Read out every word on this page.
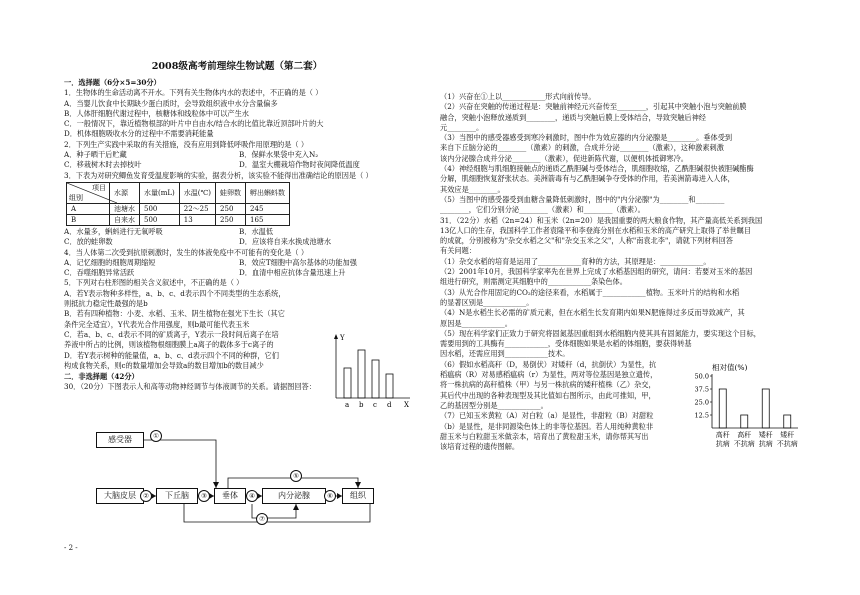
2008级高考前理综生物试题（第二套）

一．选择题（6分×5=30分）

1．生物体的生命活动离不开水。下列有关生物体内水的表述中，不正确的是（ ）

A．当婴儿饮食中长期缺少蛋白质时，会导致组织液中水分含量偏多

B．人体肝细胞代谢过程中，核糖体和线粒体中可以产生水

C．一般情况下，靠近植物根部的叶片中自由水/结合水的比值比靠近顶部叶片的大

D．机体细胞吸收水分的过程中不需要消耗能量

2．下列生产实践中采取的有关措施，没有应用到降低呼吸作用原理的是（ ）

A．种子晒干后贮藏	B．保鲜水果袋中充入N₂
C．移栽树木时去掉枝叶	D．温室大棚栽培作物时夜间降低温度

3．下表为对研究鲫鱼发育受温度影响的实验，据表分析，该实验不能得出准确结论的原因是（ ）

项目
组别	水源	水量(mL)	水温(℃)	蛙卵数	孵出蝌蚪数
A	池塘水	500	22～25	250	245
B	自来水	500	13	250	165
A．水量多，蝌蚪进行无氧呼吸	B．水温低
C．放的蛙卵数	D．应该将自来水换成池塘水

4．当人体第二次受到抗原刺激时，发生的体液免疫中不可能有的变化是（ ）

A．记忆细胞的细胞周期缩短	B．效应T细胞中高尔基体的功能加强
C．吞噬细胞异常活跃	D．血清中相应抗体含量迅速上升

5．下列对右柱形图的相关含义叙述中，不正确的是（ ）

A．若Y表示物种多样性，a、b、c、d表示四个不同类型的生态系统，

则抵抗力稳定性最强的是b

B．若有四种植物：小麦、水稻、玉米、阴生植物在强光下生长（其它

条件完全适宜），Y代表光合作用强度，则b最可能代表玉米

C．若a、b、c、d表示不同的矿质离子，Y表示一段时间后离子在培

养液中所占的比例，则该植物根细胞膜上a离子的载体多于c离子的

D．若Y表示树种的能量值，a、b、c、d表示四个不同的种群，它们

构成食物关系，则c的数量增加会导致a的数目增加b的数目减少

二．非选择题（42分）

30．（20分）下图表示人和高等动物神经调节与体液调节的关系。请据图回答：

Y
a b c d X
感受器
大脑皮层	下丘脑	垂体	内分泌腺	组织
①
②	③	④
⑤
⑥
⑦
- 2 -

（1）兴奋在①上以____________形式向前传导。

（2）兴奋在突触的传递过程是：突触前神经元兴奋传至________，引起其中突触小泡与突触前膜

融合，突触小泡释放递质到________，递质与突触后膜上受体结合，导致突触后神经

元________。

（3）当图中的感受器感受到寒冷刺激时，图中作为效应器的内分泌腺是________。垂体受到

来自下丘脑分泌的________（激素）的刺激，合成并分泌________（激素），这种激素刺激

该内分泌腺合成并分泌________（激素），促进新陈代谢，以便机体抵御寒冷。

（4）神经细胞与肌细胞接触点的递质乙酰胆碱与受体结合，肌细胞收缩，乙酰胆碱很快被胆碱酯酶

分解，肌细胞恢复舒张状态。美洲箭毒有与乙酰胆碱争夺受体的作用，若美洲箭毒进入人体，

其效应是________。

（5）当图中的感受器受到血糖含量降低刺激时，图中的"内分泌腺"为________和________

________，它们分别分泌________（激素）和________（激素）。

31．（22分）水稻（2n=24）和玉米（2n=20）是我国重要的两大粮食作物，其产量高低关系到我国

13亿人口的生存，我国科学工作者袁隆平和李登海分别在水稻和玉米的高产研究上取得了举世瞩目

的成就，分别被称为"杂交水稻之父"和"杂交玉米之父"，人称"南袁北李"，请就下列材料回答

有关问题：

（1）杂交水稻的培育是运用了____________育种的方法，其原理是：____________。

（2）2001年10月，我国科学家率先在世界上完成了水稻基因组的研究，请问：若要对玉米的基因

组进行研究，则需测定其细胞中的____________条染色体。

（3）从光合作用固定的CO₂的途径来看，水稻属于____________植物。玉米叶片的结构和水稻

的显著区别是____________。

（4）N是水稻生长必需的矿质元素，但在水稻生长发育期内如果N肥施得过多反而导致减产，其

原因是____________。

（5）现在科学家们正致力于研究将固氮基因重组到水稻细胞内使其具有固氮能力，要实现这个目标，

需要用到的工具酶有____________，受体细胞如果是水稻的体细胞，要获得转基

因水稻，还需应用到____________技术。

（6）假如水稻高秆（D，易倒伏）对矮秆（d，抗倒伏）为显性，抗

稻瘟病（R）对易感稻瘟病（r）为显性，两对等位基因是独立遗传，

将一株抗病的高秆植株（甲）与另一株抗病的矮秆植株（乙）杂交，

其后代中出现的各种表现型及其比值如右图所示，由此可推知，甲，

乙的基因型分别是____________。

（7）已知玉米黄粒（A）对白粒（a）是显性，非甜粒（B）对甜粒

（b）是显性，是非同源染色体上的非等位基因。若人用纯种黄粒非

甜玉米与白粒甜玉米做亲本，培育出了黄粒甜玉米，请你帮其写出

该培育过程的遗传图解。

相对值(%)
12.5
25.0
37.5
50.0
高秆
抗病
高秆
不抗病
矮秆
抗病
矮秆
不抗病
